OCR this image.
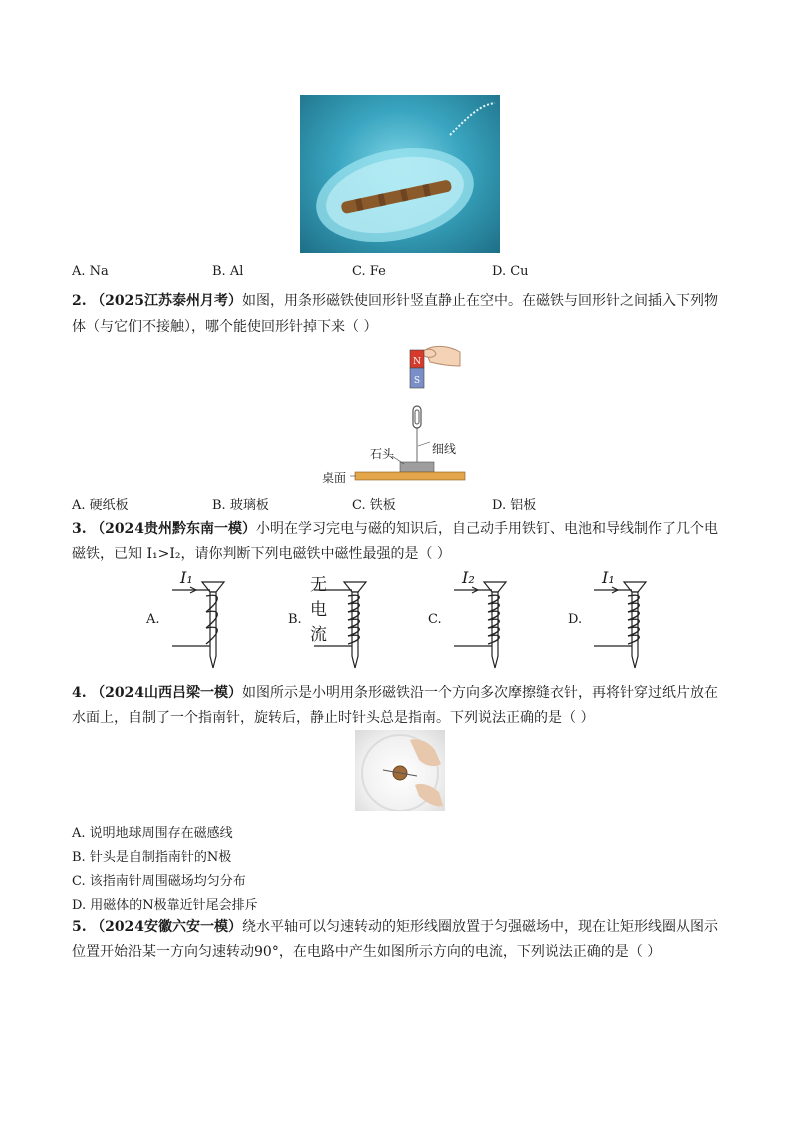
A. Na	B. Al	C. Fe	D. Cu
2. （2025江苏泰州月考）如图，用条形磁铁使回形针竖直静止在空中。在磁铁与回形针之间插入下列物
体（与它们不接触），哪个能使回形针掉下来（ ）
N
S
石头	细线
桌面
A. 硬纸板	B. 玻璃板	C. 铁板	D. 铝板
3. （2024贵州黔东南一模）小明在学习完电与磁的知识后，自己动手用铁钉、电池和导线制作了几个电
磁铁，已知 I₁>I₂，请你判断下列电磁铁中磁性最强的是（ ）
A.
I₁
B.
无电流
C.
I₂
D.
I₁
4. （2024山西吕梁一模）如图所示是小明用条形磁铁沿一个方向多次摩擦缝衣针，再将针穿过纸片放在
水面上，自制了一个指南针，旋转后，静止时针头总是指南。下列说法正确的是（ ）
A. 说明地球周围存在磁感线
B. 针头是自制指南针的N极
C. 该指南针周围磁场均匀分布
D. 用磁体的N极靠近针尾会排斥
5. （2024安徽六安一模）绕水平轴可以匀速转动的矩形线圈放置于匀强磁场中，现在让矩形线圈从图示
位置开始沿某一方向匀速转动90°，在电路中产生如图所示方向的电流，下列说法正确的是（ ）
